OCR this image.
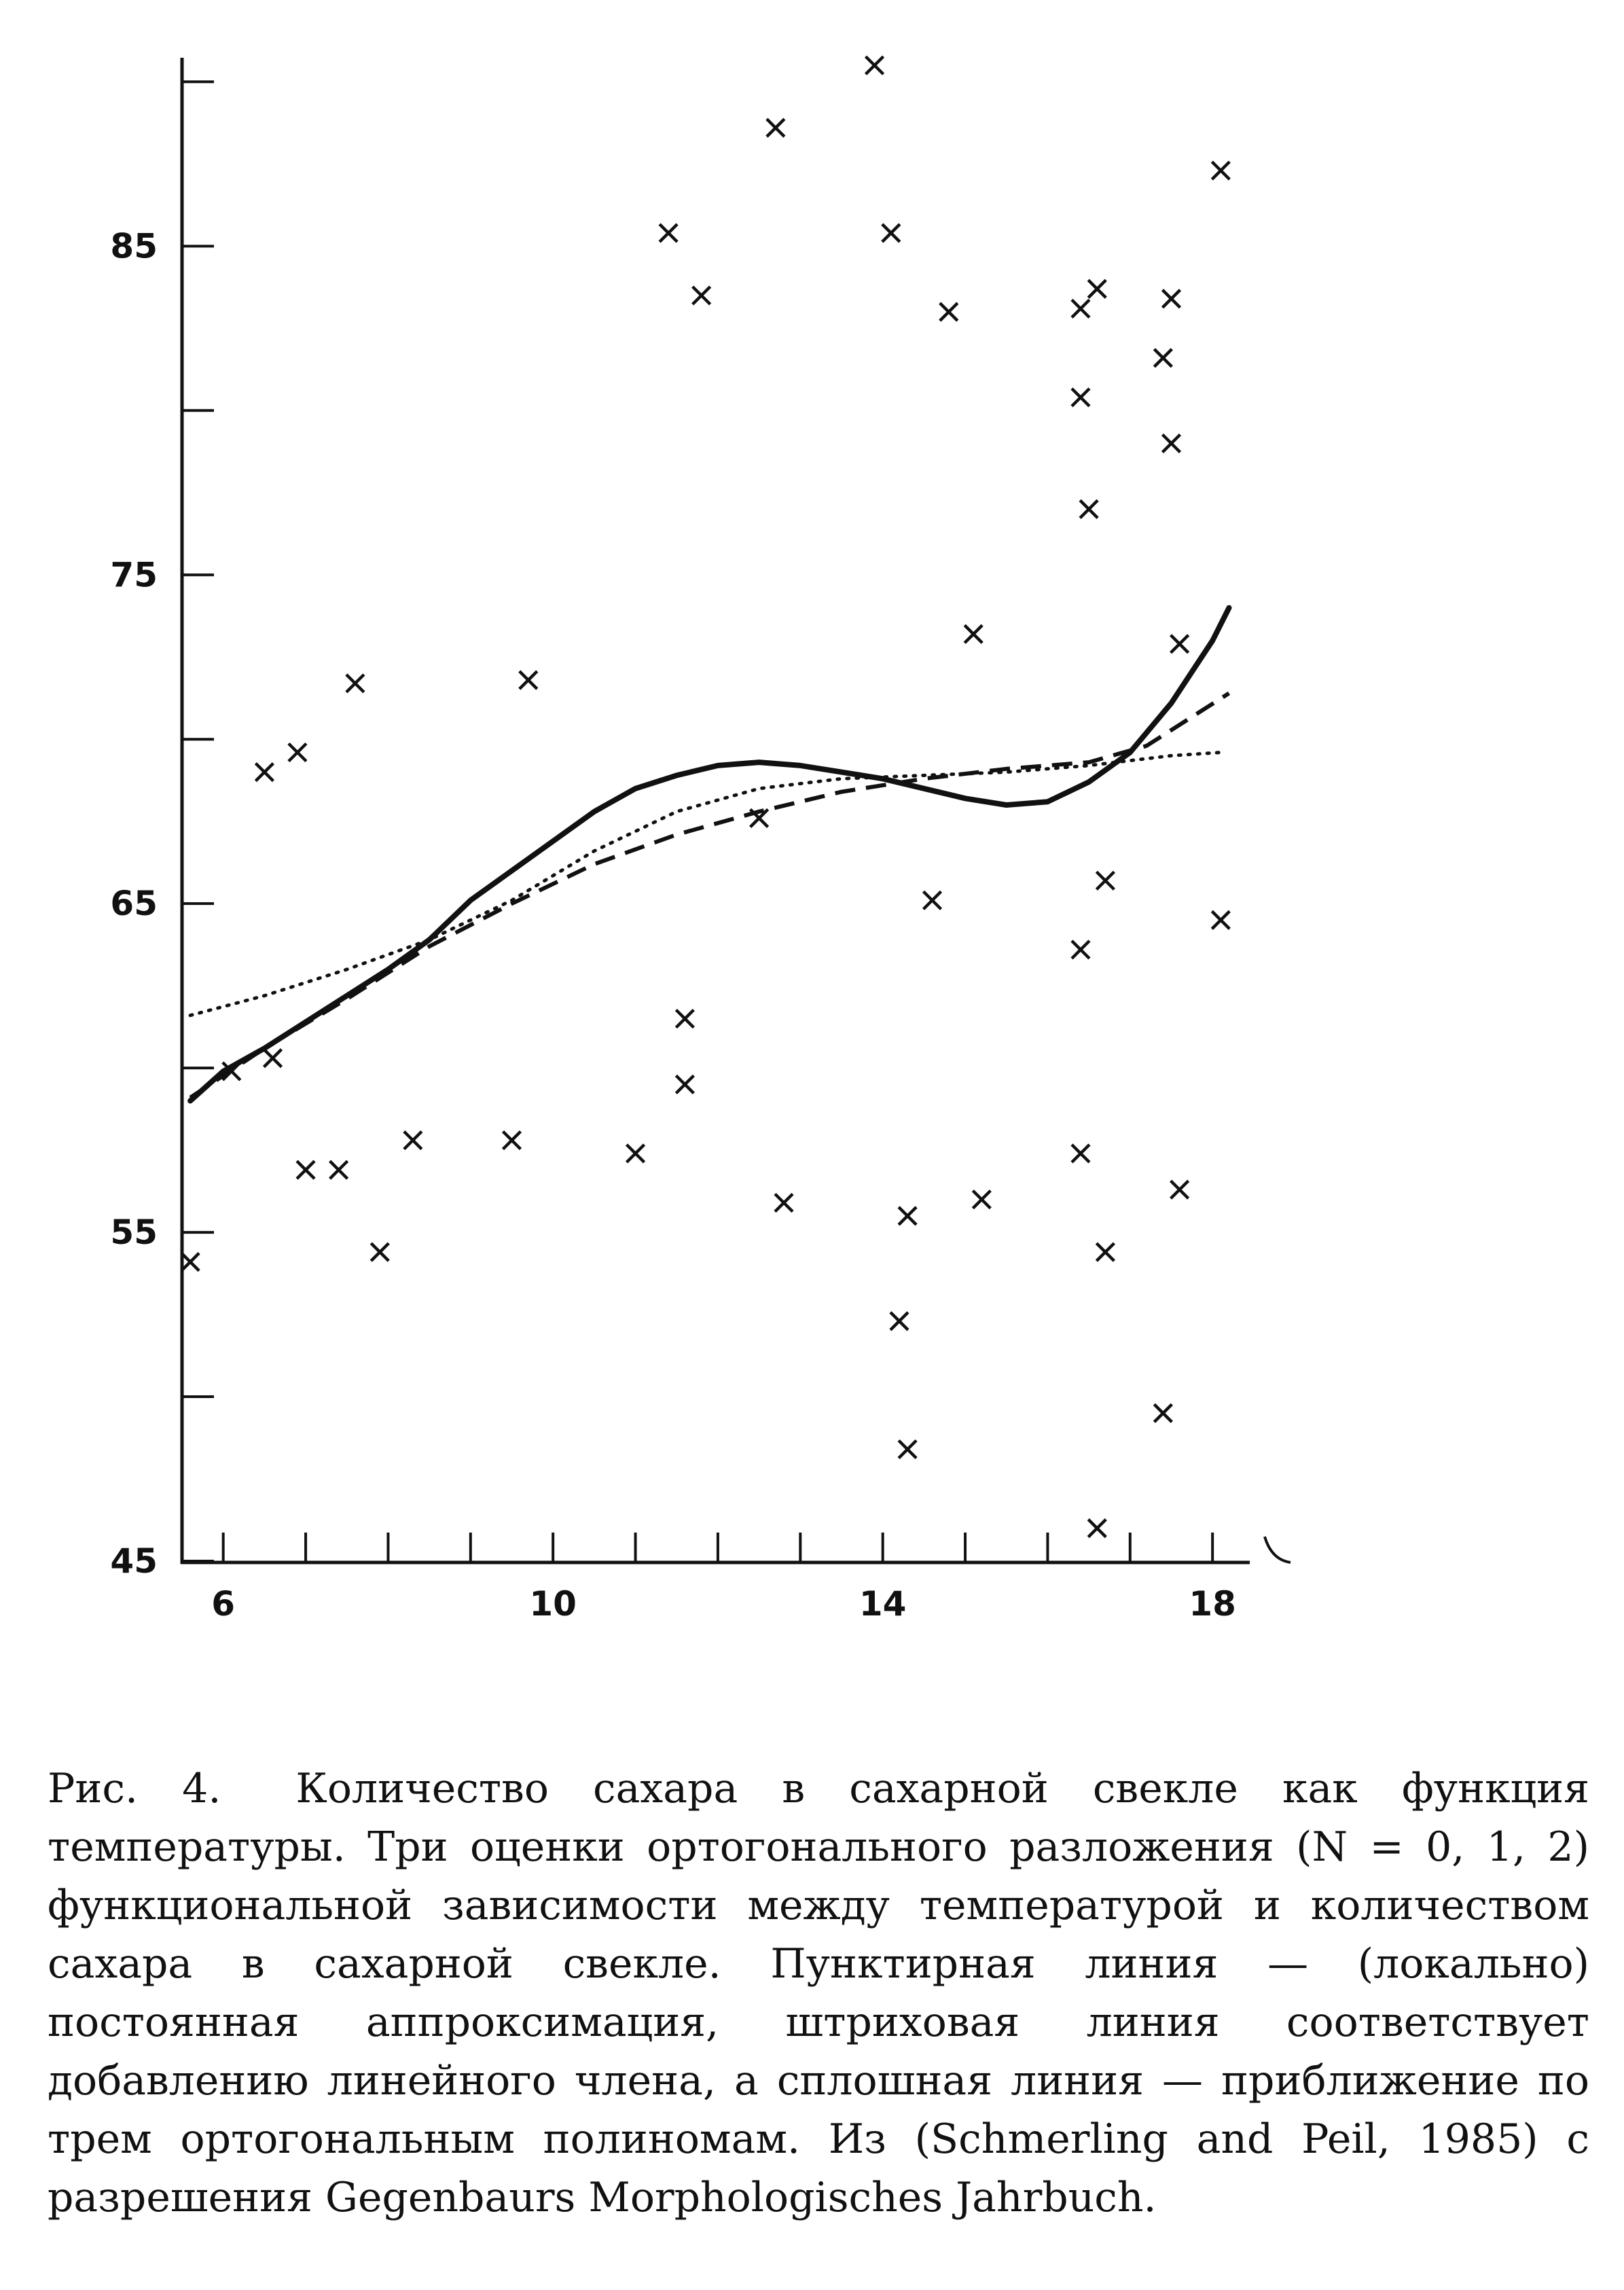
45
55
65
75
85
6	10	14	18
Рис. 4. Количество сахара в сахарной свекле как функция температуры. Три оценки ортогонального разложения (N = 0, 1, 2) функциональной зависимости между температурой и количеством сахара в сахарной свекле. Пунктирная линия — (локально) постоянная аппроксимация, штриховая линия соответствует добавлению линейного члена, а сплошная линия — приближение по трем ортогональным полиномам. Из (Schmerling and Peil, 1985) с разрешения Gegenbaurs Morphologisches Jahrbuch.
